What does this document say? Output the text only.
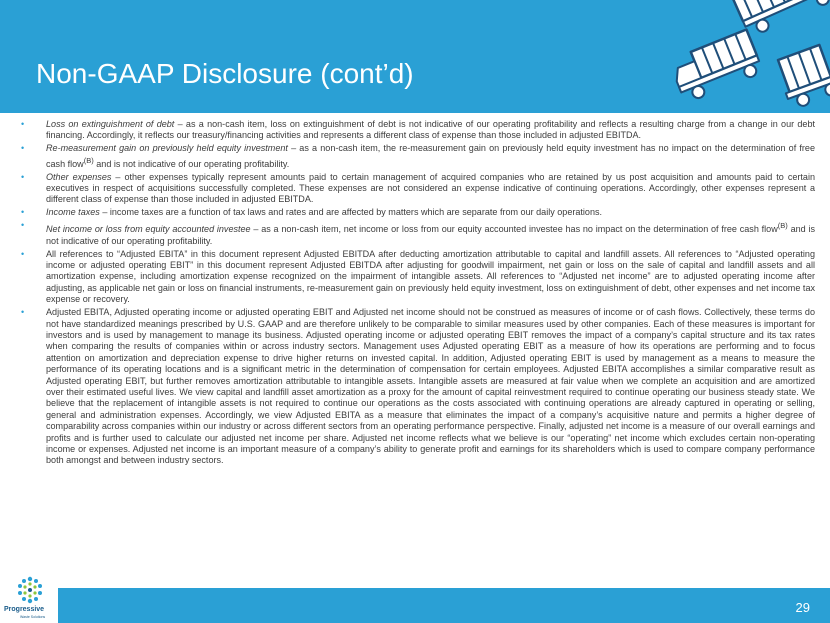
Non-GAAP Disclosure (cont’d)
• Loss on extinguishment of debt – as a non-cash item, loss on extinguishment of debt is not indicative of our operating profitability and reflects a resulting charge from a change in our debt financing. Accordingly, it reflects our treasury/financing activities and represents a different class of expense than those included in adjusted EBITDA.
• Re-measurement gain on previously held equity investment – as a non-cash item, the re-measurement gain on previously held equity investment has no impact on the determination of free cash flow$^{(B)}$ and is not indicative of our operating profitability.
• Other expenses – other expenses typically represent amounts paid to certain management of acquired companies who are retained by us post acquisition and amounts paid to certain executives in respect of acquisitions successfully completed. These expenses are not considered an expense indicative of continuing operations. Accordingly, other expenses represent a different class of expense than those included in adjusted EBITDA.
• Income taxes – income taxes are a function of tax laws and rates and are affected by matters which are separate from our daily operations.
• Net income or loss from equity accounted investee – as a non-cash item, net income or loss from our equity accounted investee has no impact on the determination of free cash flow$^{(B)}$ and is not indicative of our operating profitability.
• All references to “Adjusted EBITA” in this document represent Adjusted EBITDA after deducting amortization attributable to capital and landfill assets. All references to “Adjusted operating income or adjusted operating EBIT” in this document represent Adjusted EBITDA after adjusting for goodwill impairment, net gain or loss on the sale of capital and landfill assets and all amortization expense, including amortization expense recognized on the impairment of intangible assets. All references to “Adjusted net income” are to adjusted operating income after adjusting, as applicable net gain or loss on financial instruments, re-measurement gain on previously held equity investment, loss on extinguishment of debt, other expenses and net income tax expense or recovery.
• Adjusted EBITA, Adjusted operating income or adjusted operating EBIT and Adjusted net income should not be construed as measures of income or of cash flows. Collectively, these terms do not have standardized meanings prescribed by U.S. GAAP and are therefore unlikely to be comparable to similar measures used by other companies. Each of these measures is important for investors and is used by management to manage its business. Adjusted operating income or adjusted operating EBIT removes the impact of a company’s capital structure and its tax rates when comparing the results of companies within or across industry sectors. Management uses Adjusted operating EBIT as a measure of how its operations are performing and to focus attention on amortization and depreciation expense to drive higher returns on invested capital. In addition, Adjusted operating EBIT is used by management as a means to measure the performance of its operating locations and is a significant metric in the determination of compensation for certain employees. Adjusted EBITA accomplishes a similar comparative result as Adjusted operating EBIT, but further removes amortization attributable to intangible assets. Intangible assets are measured at fair value when we complete an acquisition and are amortized over their estimated useful lives. We view capital and landfill asset amortization as a proxy for the amount of capital reinvestment required to continue operating our business steady state. We believe that the replacement of intangible assets is not required to continue our operations as the costs associated with continuing operations are already captured in operating or selling, general and administration expenses. Accordingly, we view Adjusted EBITA as a measure that eliminates the impact of a company’s acquisitive nature and permits a higher degree of comparability across companies within our industry or across different sectors from an operating performance perspective. Finally, adjusted net income is a measure of our overall earnings and profits and is further used to calculate our adjusted net income per share. Adjusted net income reflects what we believe is our “operating” net income which excludes certain non-operating income or expenses. Adjusted net income is an important measure of a company’s ability to generate profit and earnings for its shareholders which is used to compare company performance both amongst and between industry sectors.
Progressive
Waste Solutions
29
